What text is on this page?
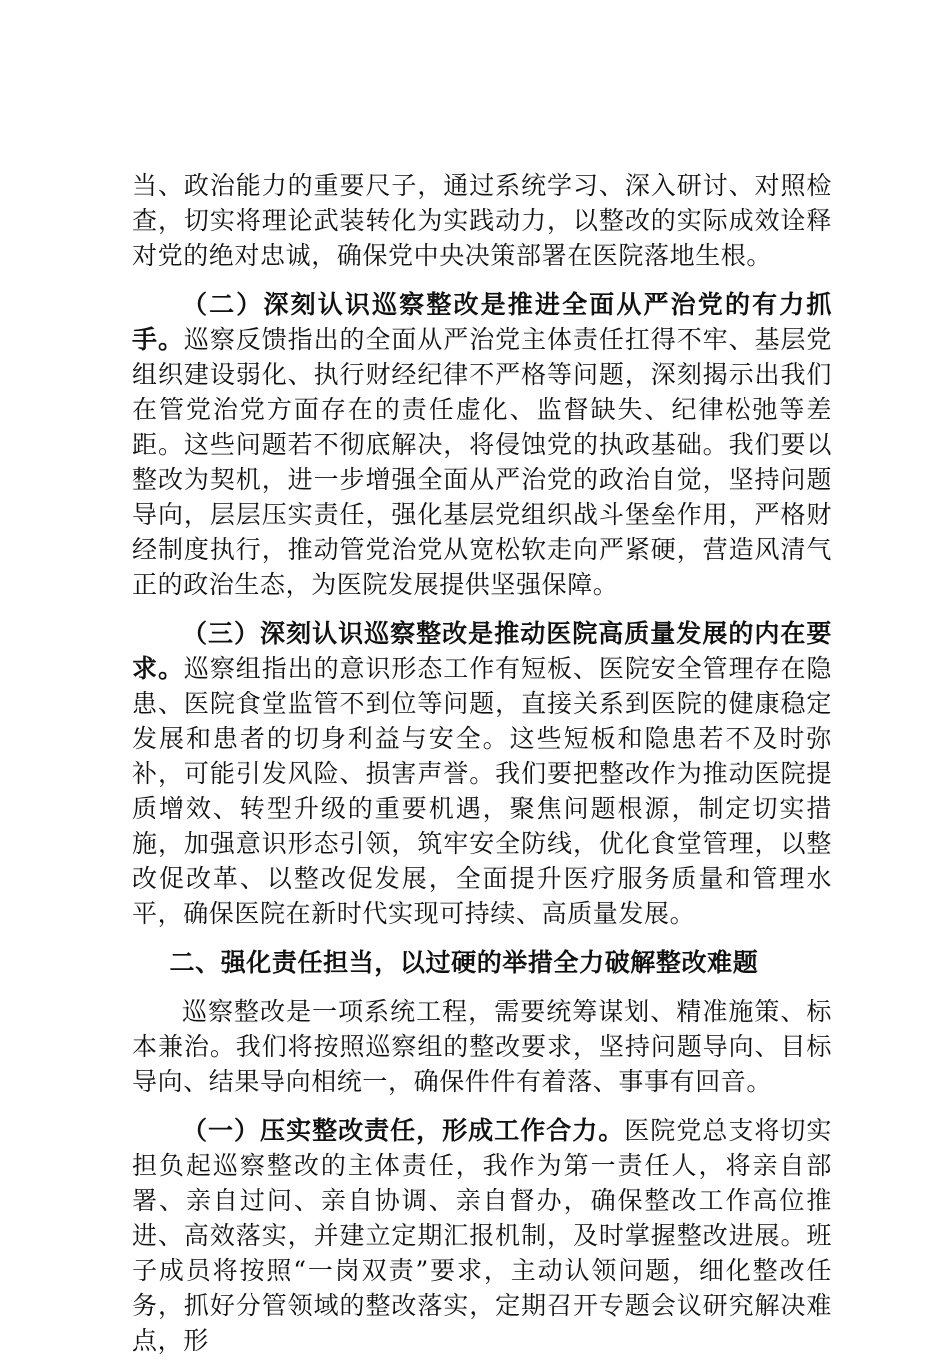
当、政治能力的重要尺子，通过系统学习、深入研讨、对照检查，切实将理论武装转化为实践动力，以整改的实际成效诠释对党的绝对忠诚，确保党中央决策部署在医院落地生根。

（二）深刻认识巡察整改是推进全面从严治党的有力抓手。巡察反馈指出的全面从严治党主体责任扛得不牢、基层党组织建设弱化、执行财经纪律不严格等问题，深刻揭示出我们在管党治党方面存在的责任虚化、监督缺失、纪律松弛等差距。这些问题若不彻底解决，将侵蚀党的执政基础。我们要以整改为契机，进一步增强全面从严治党的政治自觉，坚持问题导向，层层压实责任，强化基层党组织战斗堡垒作用，严格财经制度执行，推动管党治党从宽松软走向严紧硬，营造风清气正的政治生态，为医院发展提供坚强保障。

（三）深刻认识巡察整改是推动医院高质量发展的内在要求。巡察组指出的意识形态工作有短板、医院安全管理存在隐患、医院食堂监管不到位等问题，直接关系到医院的健康稳定发展和患者的切身利益与安全。这些短板和隐患若不及时弥补，可能引发风险、损害声誉。我们要把整改作为推动医院提质增效、转型升级的重要机遇，聚焦问题根源，制定切实措施，加强意识形态引领，筑牢安全防线，优化食堂管理，以整改促改革、以整改促发展，全面提升医疗服务质量和管理水平，确保医院在新时代实现可持续、高质量发展。

二、强化责任担当，以过硬的举措全力破解整改难题

巡察整改是一项系统工程，需要统筹谋划、精准施策、标本兼治。我们将按照巡察组的整改要求，坚持问题导向、目标导向、结果导向相统一，确保件件有着落、事事有回音。

（一）压实整改责任，形成工作合力。医院党总支将切实担负起巡察整改的主体责任，我作为第一责任人，将亲自部署、亲自过问、亲自协调、亲自督办，确保整改工作高位推进、高效落实，并建立定期汇报机制，及时掌握整改进展。班子成员将按照“一岗双责”要求，主动认领问题，细化整改任务，抓好分管领域的整改落实，定期召开专题会议研究解决难点，形
